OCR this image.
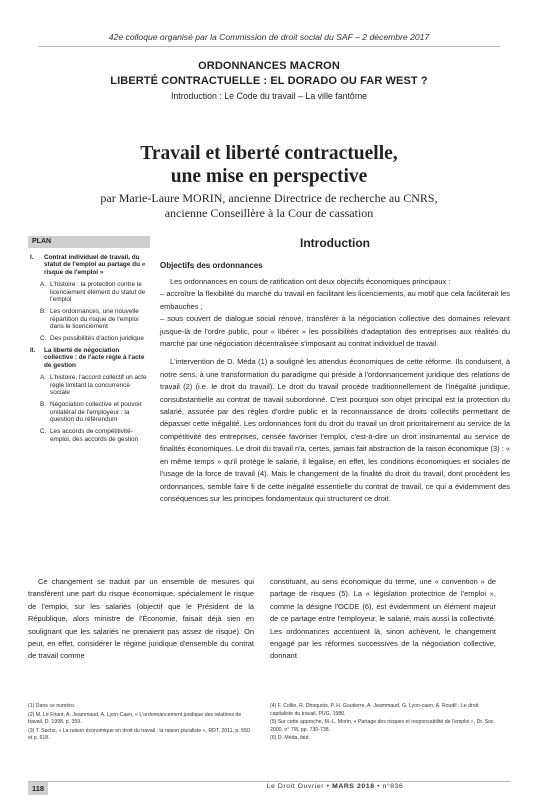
42e colloque organisé par la Commission de droit social du SAF – 2 décembre 2017
ORDONNANCES MACRON
LIBERTÉ CONTRACTUELLE : EL DORADO OU FAR WEST ?
Introduction : Le Code du travail – La ville fantôme
Travail et liberté contractuelle,
une mise en perspective
par Marie-Laure MORIN, ancienne Directrice de recherche au CNRS,
ancienne Conseillère à la Cour de cassation
PLAN
I.	Contrat individuel de travail, du statut de l'emploi au partage du « risque de l'emploi »
A. L'histoire : la protection contre le licenciement élément du statut de l'emploi
B. Les ordonnances, une nouvelle répartition du risque de l'emploi dans le licenciement
C. Des possibilités d'action juridique
II.	La liberté de négociation collective : de l'acte règle à l'acte de gestion
A. L'histoire, l'accord collectif un acte règle limitant la concurrence sociale
B. Négociation collective et pouvoir unilatéral de l'employeur : la question du référendum
C. Les accords de compétitivité-emploi, des accords de gestion
Introduction
Objectifs des ordonnances

Les ordonnances en cours de ratification ont deux objectifs économiques principaux :

– accroître la flexibilité du marché du travail en facilitant les licenciements, au motif que cela faciliterait les embauches ;

– sous couvert de dialogue social rénové, transférer à la négociation collective des domaines relevant jusque-là de l'ordre public, pour « libérer » les possibilités d'adaptation des entreprises aux réalités du marché par une négociation décentralisée s'imposant au contrat individuel de travail.

L'intervention de D. Méda (1) a souligné les attendus économiques de cette réforme. Ils conduisent, à notre sens, à une transformation du paradigme qui préside à l'ordonnancement juridique des relations de travail (2) (i.e. le droit du travail). Le droit du travail procède traditionnellement de l'inégalité juridique, consubstantielle au contrat de travail subordonné. C'est pourquoi son objet principal est la protection du salarié, assurée par des règles d'ordre public et la reconnaissance de droits collectifs permettant de dépasser cette inégalité. Les ordonnances font du droit du travail un droit prioritairement au service de la compétitivité des entreprises, censée favoriser l'emploi, c'est-à-dire un droit instrumental au service de finalités économiques. Le droit du travail n'a, certes, jamais fait abstraction de la raison économique (3) : « en même temps » qu'il protège le salarié, il légalise, en effet, les conditions économiques et sociales de l'usage de la force de travail (4). Mais le changement de la finalité du droit du travail, dont procèdent les ordonnances, semble faire fi de cette inégalité essentielle du contrat de travail, ce qui a évidemment des conséquences sur les principes fondamentaux qui structurent ce droit.

Ce changement se traduit par un ensemble de mesures qui transfèrent une part du risque économique, spécialement le risque de l'emploi, sur les salariés (objectif que le Président de la République, alors ministre de l'Économie, faisait déjà sien en soulignant que les salariés ne prenaient pas assez de risque). On peut, en effet, considérer le régime juridique d'ensemble du contrat de travail comme

constituant, au sens économique du terme, une « convention » de partage de risques (5). La « législation protectrice de l'emploi », comme la désigne l'OCDE (6), est évidemment un élément majeur de ce partage entre l'employeur, le salarié, mais aussi la collectivité. Les ordonnances accentuent là, sinon achèvent, le changement engagé par les réformes successives de la négociation collective, donnant

(1) Dans ce numéro.

(2) M. Le Friant, A. Jeammaud, A. Lyon-Caen, « L'ordonnancement juridique des relations de travail. D. 1998, p. 359.

(3) T. Sachs, « La raison économique en droit du travail : la raison pluraliste », RDT, 2011, p. 550 et p. 618.

(4) F. Collin, R. Dhoquois, P. H. Goutierre, A. Jeammaud, G. Lyon-caen, A. Roudil : Le droit capitaliste du travail, PUG, 1980.

(5) Sur cette approche, M.-L. Morin, « Partage des risques et responsabilité de l'emploi », Dr. Soc. 2000, n° 7/8, pp. 730-738.

(6) D. Méda, ibid.

118	Le Droit Ouvrier • MARS 2018 • n°836
